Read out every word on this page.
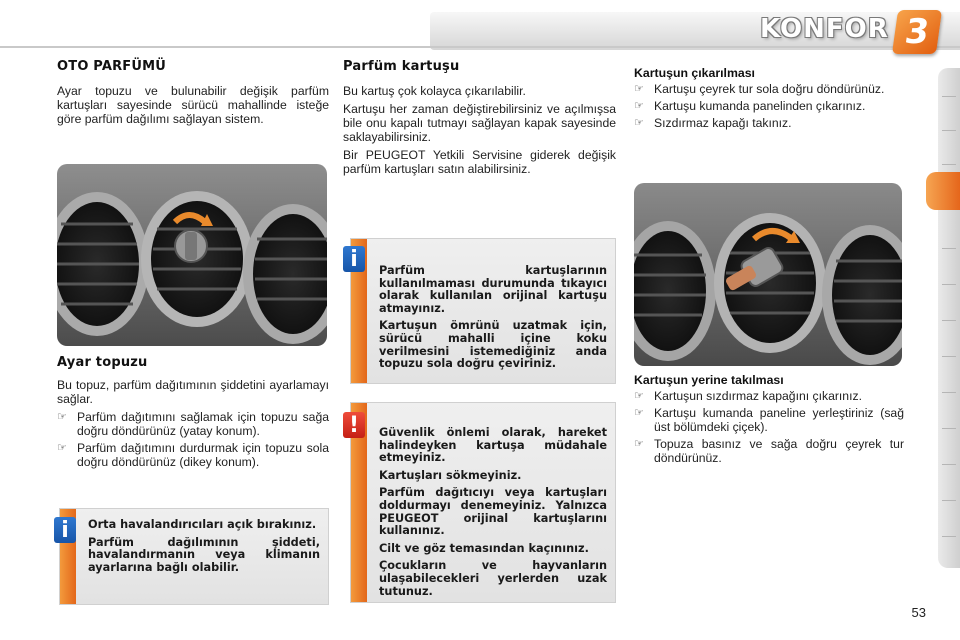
KONFOR 3
OTO PARFÜMÜ

Ayar topuzu ve bulunabilir değişik parfüm kartuşları sayesinde sürücü mahallinde isteğe göre parfüm dağılımı sağlayan sistem.

Ayar topuzu

Bu topuz, parfüm dağıtımının şiddetini ayarlamayı sağlar.

☞ Parfüm dağıtımını sağlamak için topuzu sağa doğru döndürünüz (yatay konum).
☞ Parfüm dağıtımını durdurmak için topuzu sola doğru döndürünüz (dikey konum).

Orta havalandırıcıları açık bırakınız.

Parfüm dağılımının şiddeti, havalandırmanın veya klimanın ayarlarına bağlı olabilir.

i
Parfüm kartuşu

Bu kartuş çok kolayca çıkarılabilir.

Kartuşu her zaman değiştirebilirsiniz ve açılmışsa bile onu kapalı tutmayı sağlayan kapak sayesinde saklayabilirsiniz.

Bir PEUGEOT Yetkili Servisine giderek değişik parfüm kartuşları satın alabilirsiniz.

Parfüm kartuşlarının kullanılmaması durumunda tıkayıcı olarak kullanılan orijinal kartuşu atmayınız.

Kartuşun ömrünü uzatmak için, sürücü mahalli içine koku verilmesini istemediğiniz anda topuzu sola doğru çeviriniz.

i

Güvenlik önlemi olarak, hareket halindeyken kartuşa müdahale etmeyiniz.

Kartuşları sökmeyiniz.

Parfüm dağıtıcıyı veya kartuşları doldurmayı denemeyiniz. Yalnızca PEUGEOT orijinal kartuşlarını kullanınız.

Cilt ve göz temasından kaçınınız.

Çocukların ve hayvanların ulaşabilecekleri yerlerden uzak tutunuz.

!
Kartuşun çıkarılması
☞ Kartuşu çeyrek tur sola doğru döndürünüz.
☞ Kartuşu kumanda panelinden çıkarınız.
☞ Sızdırmaz kapağı takınız.
Kartuşun yerine takılması
☞ Kartuşun sızdırmaz kapağını çıkarınız.
☞ Kartuşu kumanda paneline yerleştiriniz (sağ üst bölümdeki çiçek).
☞ Topuza basınız ve sağa doğru çeyrek tur döndürünüz.
53
